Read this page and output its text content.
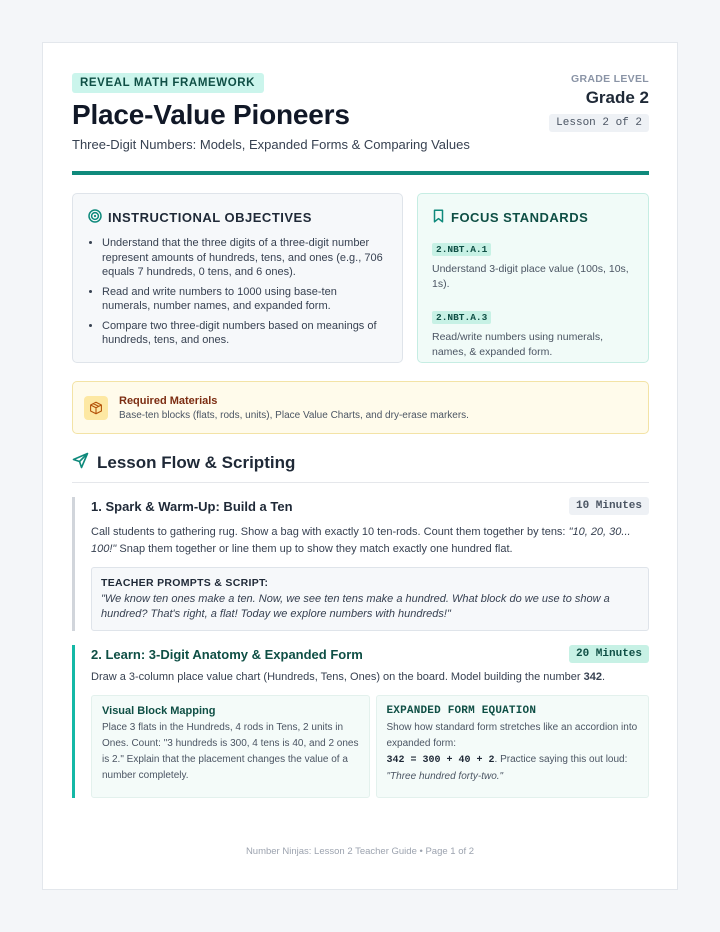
REVEAL MATH FRAMEWORK
Place-Value Pioneers
Three-Digit Numbers: Models, Expanded Forms & Comparing Values
GRADE LEVEL
Grade 2
Lesson 2 of 2
INSTRUCTIONAL OBJECTIVES
• Understand that the three digits of a three-digit number represent amounts of hundreds, tens, and ones (e.g., 706 equals 7 hundreds, 0 tens, and 6 ones).
• Read and write numbers to 1000 using base-ten numerals, number names, and expanded form.
• Compare two three-digit numbers based on meanings of hundreds, tens, and ones.
FOCUS STANDARDS
2.NBT.A.1
Understand 3-digit place value (100s, 10s, 1s).
2.NBT.A.3
Read/write numbers using numerals, names, & expanded form.
Required Materials
Base-ten blocks (flats, rods, units), Place Value Charts, and dry-erase markers.
Lesson Flow & Scripting
1. Spark & Warm-Up: Build a Ten	10 Minutes
Call students to gathering rug. Show a bag with exactly 10 ten-rods. Count them together by tens: "10, 20, 30... 100!" Snap them together or line them up to show they match exactly one hundred flat.
TEACHER PROMPTS & SCRIPT:
"We know ten ones make a ten. Now, we see ten tens make a hundred. What block do we use to show a hundred? That's right, a flat! Today we explore numbers with hundreds!"
2. Learn: 3-Digit Anatomy & Expanded Form	20 Minutes
Draw a 3-column place value chart (Hundreds, Tens, Ones) on the board. Model building the number 342.
Visual Block Mapping
Place 3 flats in the Hundreds, 4 rods in Tens, 2 units in Ones. Count: "3 hundreds is 300, 4 tens is 40, and 2 ones is 2." Explain that the placement changes the value of a number completely.
EXPANDED FORM EQUATION
Show how standard form stretches like an accordion into expanded form:
342 = 300 + 40 + 2. Practice saying this out loud:
"Three hundred forty-two."
Number Ninjas: Lesson 2 Teacher Guide • Page 1 of 2
